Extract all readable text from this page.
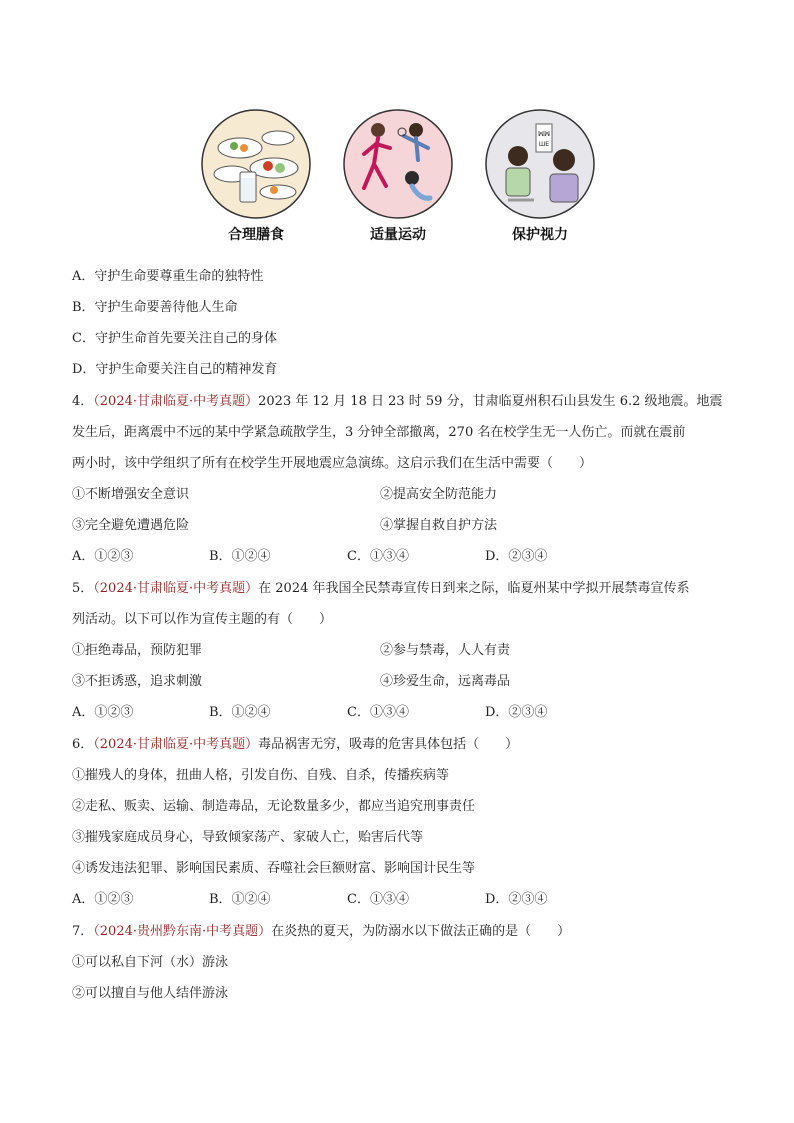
合理膳食	适量运动
ꟽꟽ
ШE
保护视力
A．守护生命要尊重生命的独特性
B．守护生命要善待他人生命
C．守护生命首先要关注自己的身体
D．守护生命要关注自己的精神发育
4．（2024·甘肃临夏·中考真题）2023 年 12 月 18 日 23 时 59 分，甘肃临夏州积石山县发生 6.2 级地震。地震
发生后，距离震中不远的某中学紧急疏散学生，3 分钟全部撤离，270 名在校学生无一人伤亡。而就在震前
两小时，该中学组织了所有在校学生开展地震应急演练。这启示我们在生活中需要（　　）
①不断增强安全意识	②提高安全防范能力
③完全避免遭遇危险	④掌握自救自护方法
A．①②③	B．①②④	C．①③④	D．②③④
5．（2024·甘肃临夏·中考真题）在 2024 年我国全民禁毒宣传日到来之际，临夏州某中学拟开展禁毒宣传系
列活动。以下可以作为宣传主题的有（　　）
①拒绝毒品，预防犯罪	②参与禁毒，人人有责
③不拒诱惑，追求刺激	④珍爱生命，远离毒品
A．①②③	B．①②④	C．①③④	D．②③④
6．（2024·甘肃临夏·中考真题）毒品祸害无穷，吸毒的危害具体包括（　　）
①摧残人的身体，扭曲人格，引发自伤、自残、自杀，传播疾病等
②走私、贩卖、运输、制造毒品，无论数量多少，都应当追究刑事责任
③摧残家庭成员身心，导致倾家荡产、家破人亡，贻害后代等
④诱发违法犯罪、影响国民素质、吞噬社会巨额财富、影响国计民生等
A．①②③	B．①②④	C．①③④	D．②③④
7．（2024·贵州黔东南·中考真题）在炎热的夏天，为防溺水以下做法正确的是（　　）
①可以私自下河（水）游泳
②可以擅自与他人结伴游泳
